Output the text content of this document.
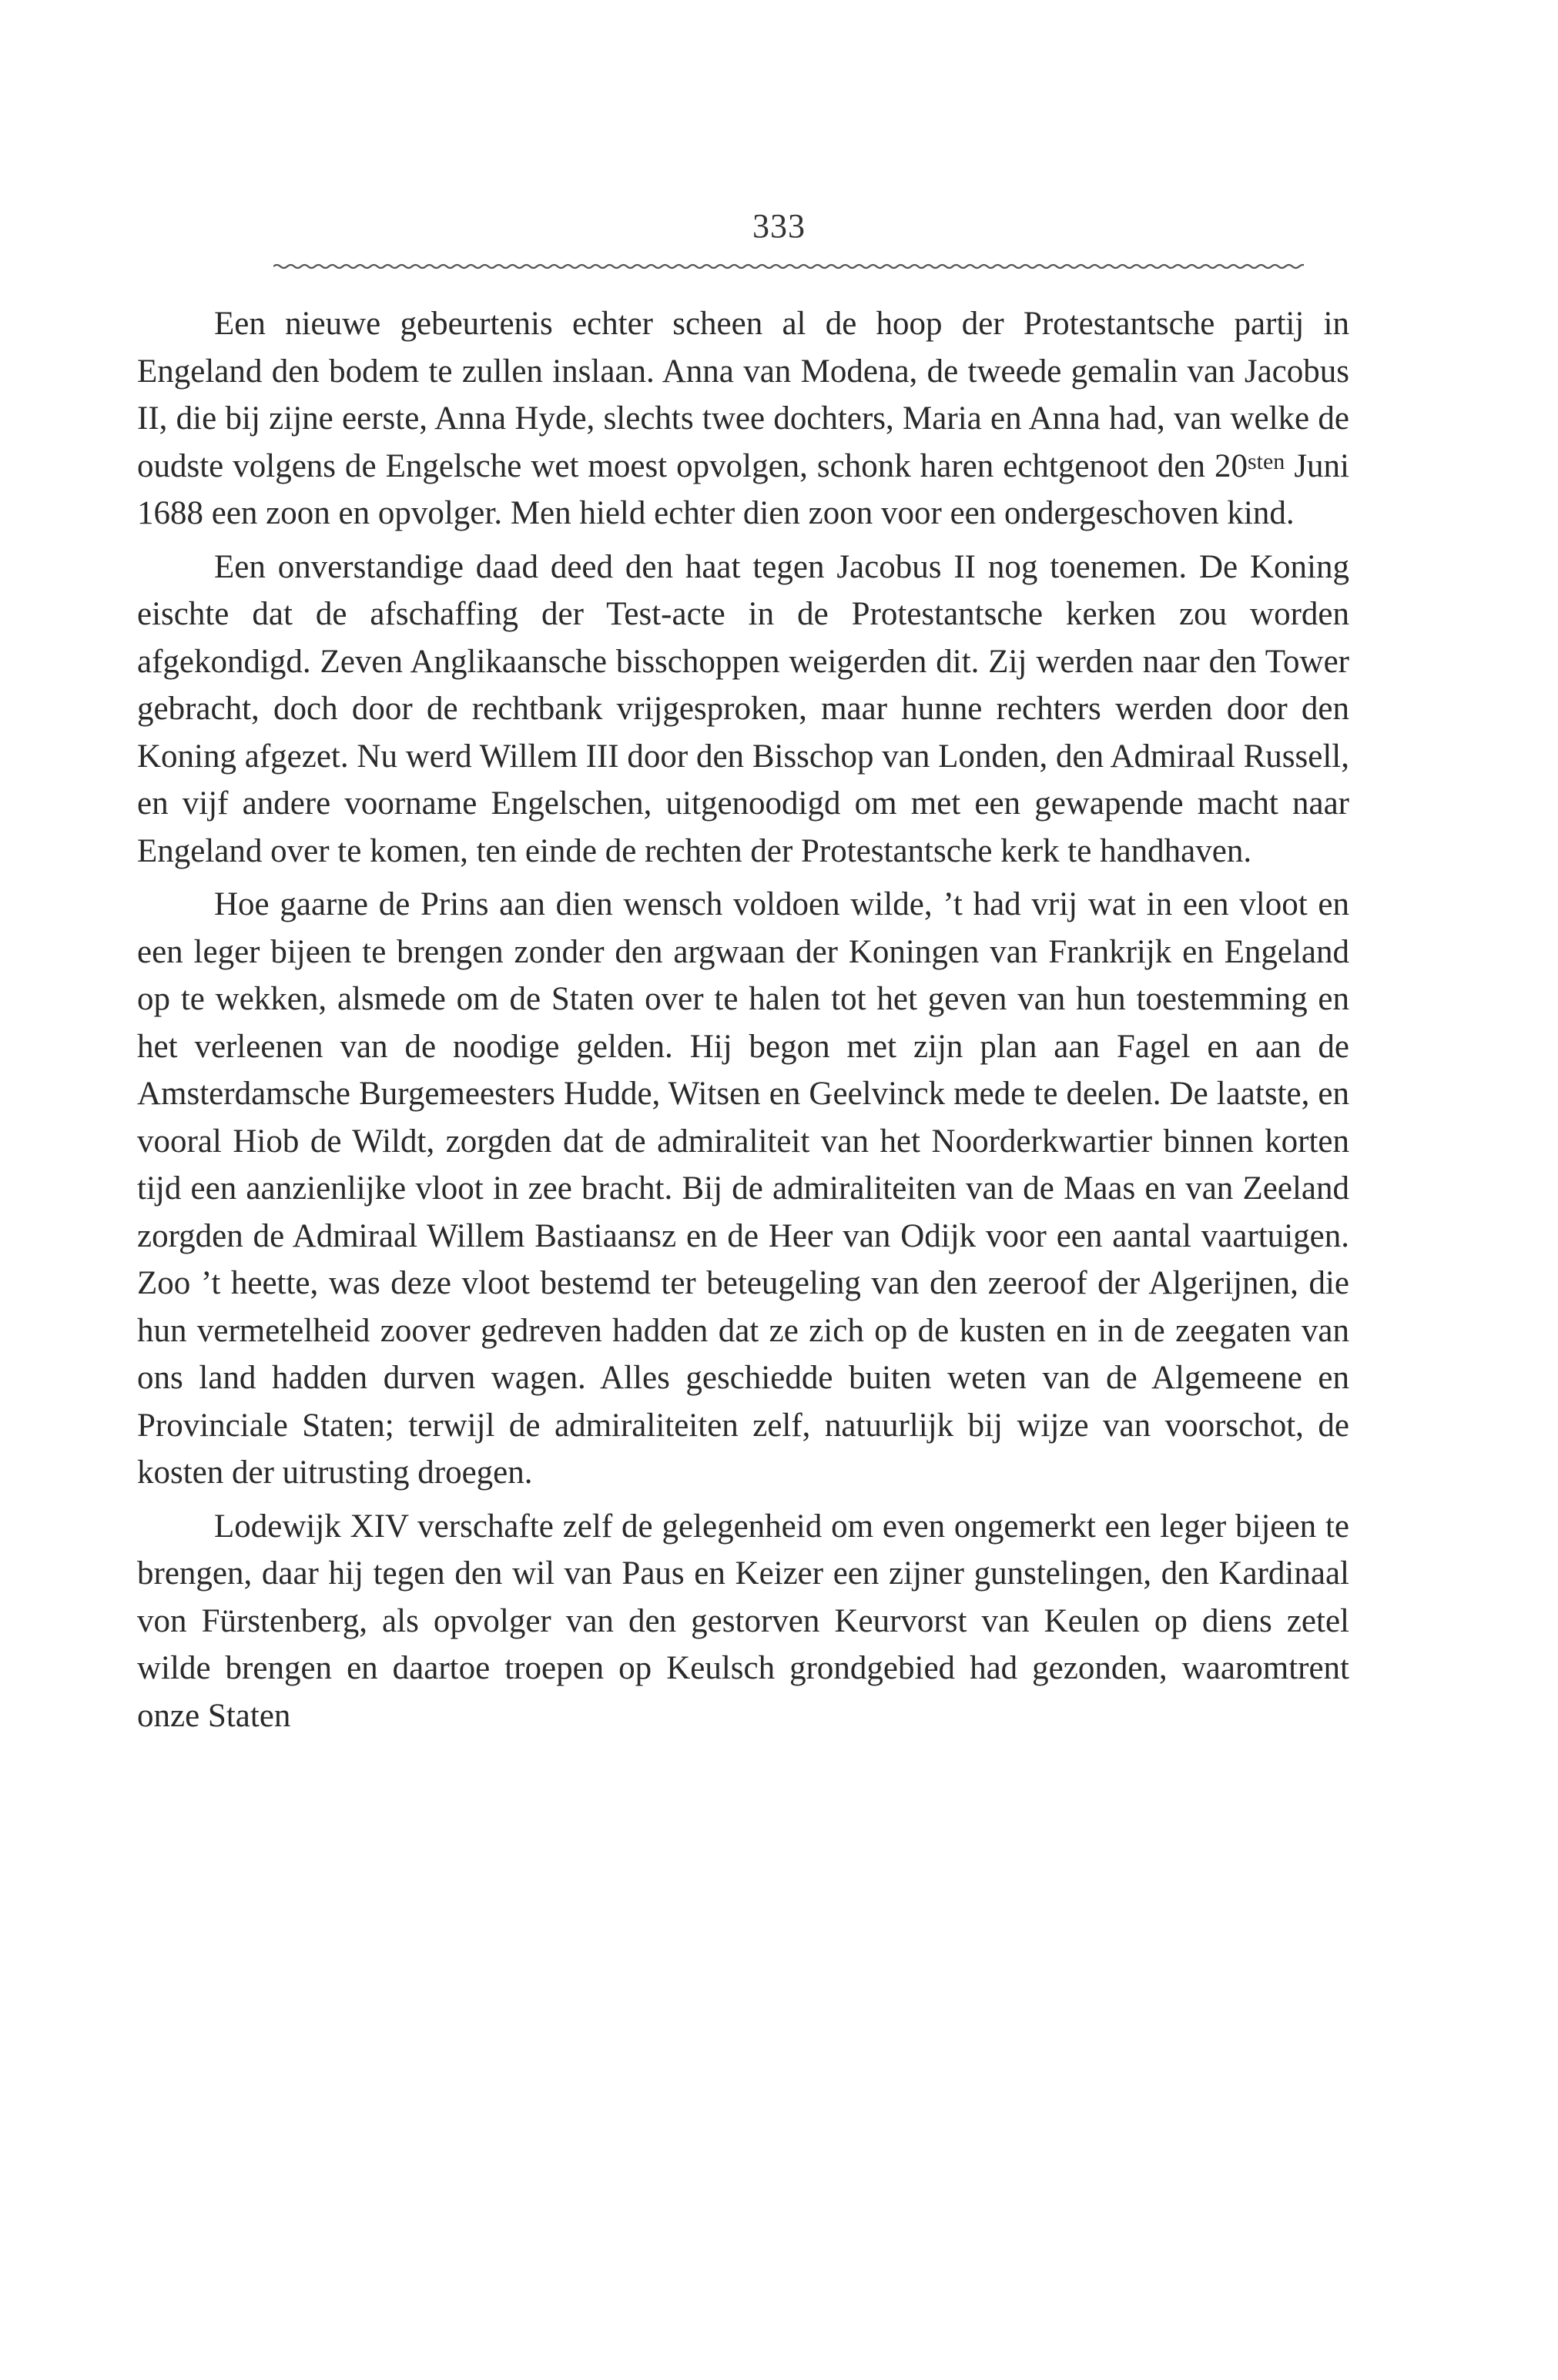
333

Een nieuwe gebeurtenis echter scheen al de hoop der Protestantsche partij in Engeland den bodem te zullen inslaan. Anna van Modena, de tweede gemalin van Jacobus II, die bij zijne eerste, Anna Hyde, slechts twee dochters, Maria en Anna had, van welke de oudste volgens de Engelsche wet moest opvolgen, schonk haren echtgenoot den $20^{sten}$ Juni 1688 een zoon en opvolger. Men hield echter dien zoon voor een ondergeschoven kind.

Een onverstandige daad deed den haat tegen Jacobus II nog toenemen. De Koning eischte dat de afschaffing der Test-acte in de Protestantsche kerken zou worden afgekondigd. Zeven Anglikaansche bisschoppen weigerden dit. Zij werden naar den Tower gebracht, doch door de rechtbank vrijgesproken, maar hunne rechters werden door den Koning afgezet. Nu werd Willem III door den Bisschop van Londen, den Admiraal Russell, en vijf andere voorname Engelschen, uitgenoodigd om met een gewapende macht naar Engeland over te komen, ten einde de rechten der Protestantsche kerk te handhaven.

Hoe gaarne de Prins aan dien wensch voldoen wilde, ’t had vrij wat in een vloot en een leger bijeen te brengen zonder den argwaan der Koningen van Frankrijk en Engeland op te wekken, alsmede om de Staten over te halen tot het geven van hun toestemming en het verleenen van de noodige gelden. Hij begon met zijn plan aan Fagel en aan de Amsterdamsche Burgemeesters Hudde, Witsen en Geelvinck mede te deelen. De laatste, en vooral Hiob de Wildt, zorgden dat de admiraliteit van het Noorderkwartier binnen korten tijd een aanzienlijke vloot in zee bracht. Bij de admiraliteiten van de Maas en van Zeeland zorgden de Admiraal Willem Bastiaansz en de Heer van Odijk voor een aantal vaartuigen. Zoo ’t heette, was deze vloot bestemd ter beteugeling van den zeeroof der Algerijnen, die hun vermetelheid zoover gedreven hadden dat ze zich op de kusten en in de zeegaten van ons land hadden durven wagen. Alles geschiedde buiten weten van de Algemeene en Provinciale Staten; terwijl de admiraliteiten zelf, natuurlijk bij wijze van voorschot, de kosten der uitrusting droegen.

Lodewijk XIV verschafte zelf de gelegenheid om even ongemerkt een leger bijeen te brengen, daar hij tegen den wil van Paus en Keizer een zijner gunstelingen, den Kardinaal von Fürstenberg, als opvolger van den gestorven Keurvorst van Keulen op diens zetel wilde brengen en daartoe troepen op Keulsch grondgebied had gezonden, waaromtrent onze Staten
